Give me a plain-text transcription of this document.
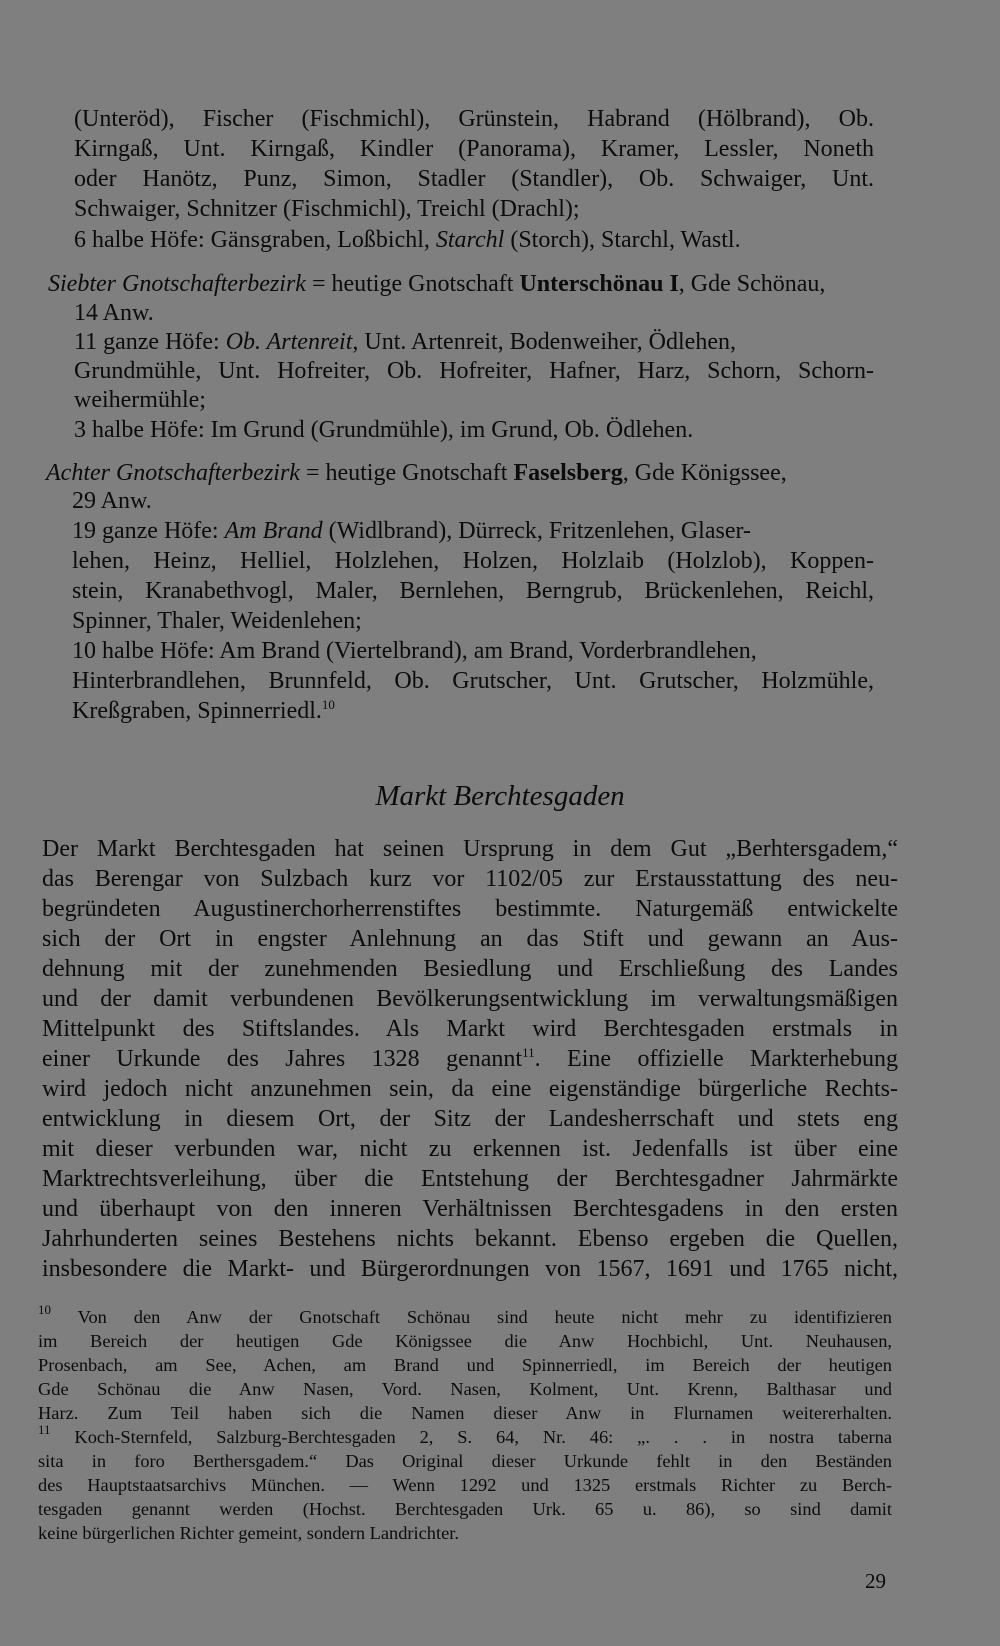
(Unteröd), Fischer (Fischmichl), Grünstein, Habrand (Hölbrand), Ob.
Kirngaß, Unt. Kirngaß, Kindler (Panorama), Kramer, Lessler, Noneth
oder Hanötz, Punz, Simon, Stadler (Standler), Ob. Schwaiger, Unt.
Schwaiger, Schnitzer (Fischmichl), Treichl (Drachl);
6 halbe Höfe: Gänsgraben, Loßbichl, Starchl (Storch), Starchl, Wastl.
Siebter Gnotschafterbezirk = heutige Gnotschaft Unterschönau I, Gde Schönau,
14 Anw.
11 ganze Höfe: Ob. Artenreit, Unt. Artenreit, Bodenweiher, Ödlehen,
Grundmühle, Unt. Hofreiter, Ob. Hofreiter, Hafner, Harz, Schorn, Schorn-
weihermühle;
3 halbe Höfe: Im Grund (Grundmühle), im Grund, Ob. Ödlehen.
Achter Gnotschafterbezirk = heutige Gnotschaft Faselsberg, Gde Königssee,
29 Anw.
19 ganze Höfe: Am Brand (Widlbrand), Dürreck, Fritzenlehen, Glaser-
lehen, Heinz, Helliel, Holzlehen, Holzen, Holzlaib (Holzlob), Koppen-
stein, Kranabethvogl, Maler, Bernlehen, Berngrub, Brückenlehen, Reichl,
Spinner, Thaler, Weidenlehen;
10 halbe Höfe: Am Brand (Viertelbrand), am Brand, Vorderbrandlehen,
Hinterbrandlehen, Brunnfeld, Ob. Grutscher, Unt. Grutscher, Holzmühle,
Kreßgraben, Spinnerriedl.$^{10}$
Markt Berchtesgaden
Der Markt Berchtesgaden hat seinen Ursprung in dem Gut „Berhtersgadem,“
das Berengar von Sulzbach kurz vor 1102/05 zur Erstausstattung des neu-
begründeten Augustinerchorherrenstiftes bestimmte. Naturgemäß entwickelte
sich der Ort in engster Anlehnung an das Stift und gewann an Aus-
dehnung mit der zunehmenden Besiedlung und Erschließung des Landes
und der damit verbundenen Bevölkerungsentwicklung im verwaltungsmäßigen
Mittelpunkt des Stiftslandes. Als Markt wird Berchtesgaden erstmals in
einer Urkunde des Jahres 1328 genannt$^{11}$. Eine offizielle Markterhebung
wird jedoch nicht anzunehmen sein, da eine eigenständige bürgerliche Rechts-
entwicklung in diesem Ort, der Sitz der Landesherrschaft und stets eng
mit dieser verbunden war, nicht zu erkennen ist. Jedenfalls ist über eine
Marktrechtsverleihung, über die Entstehung der Berchtesgadner Jahrmärkte
und überhaupt von den inneren Verhältnissen Berchtesgadens in den ersten
Jahrhunderten seines Bestehens nichts bekannt. Ebenso ergeben die Quellen,
insbesondere die Markt- und Bürgerordnungen von 1567, 1691 und 1765 nicht,
$^{10}$ Von den Anw der Gnotschaft Schönau sind heute nicht mehr zu identifizieren
im Bereich der heutigen Gde Königssee die Anw Hochbichl, Unt. Neuhausen,
Prosenbach, am See, Achen, am Brand und Spinnerriedl, im Bereich der heutigen
Gde Schönau die Anw Nasen, Vord. Nasen, Kolment, Unt. Krenn, Balthasar und
Harz. Zum Teil haben sich die Namen dieser Anw in Flurnamen weitererhalten.
$^{11}$ Koch-Sternfeld, Salzburg-Berchtesgaden 2, S. 64, Nr. 46: „. . . in nostra taberna
sita in foro Berthersgadem.“ Das Original dieser Urkunde fehlt in den Beständen
des Hauptstaatsarchivs München. — Wenn 1292 und 1325 erstmals Richter zu Berch-
tesgaden genannt werden (Hochst. Berchtesgaden Urk. 65 u. 86), so sind damit
keine bürgerlichen Richter gemeint, sondern Landrichter.
29
